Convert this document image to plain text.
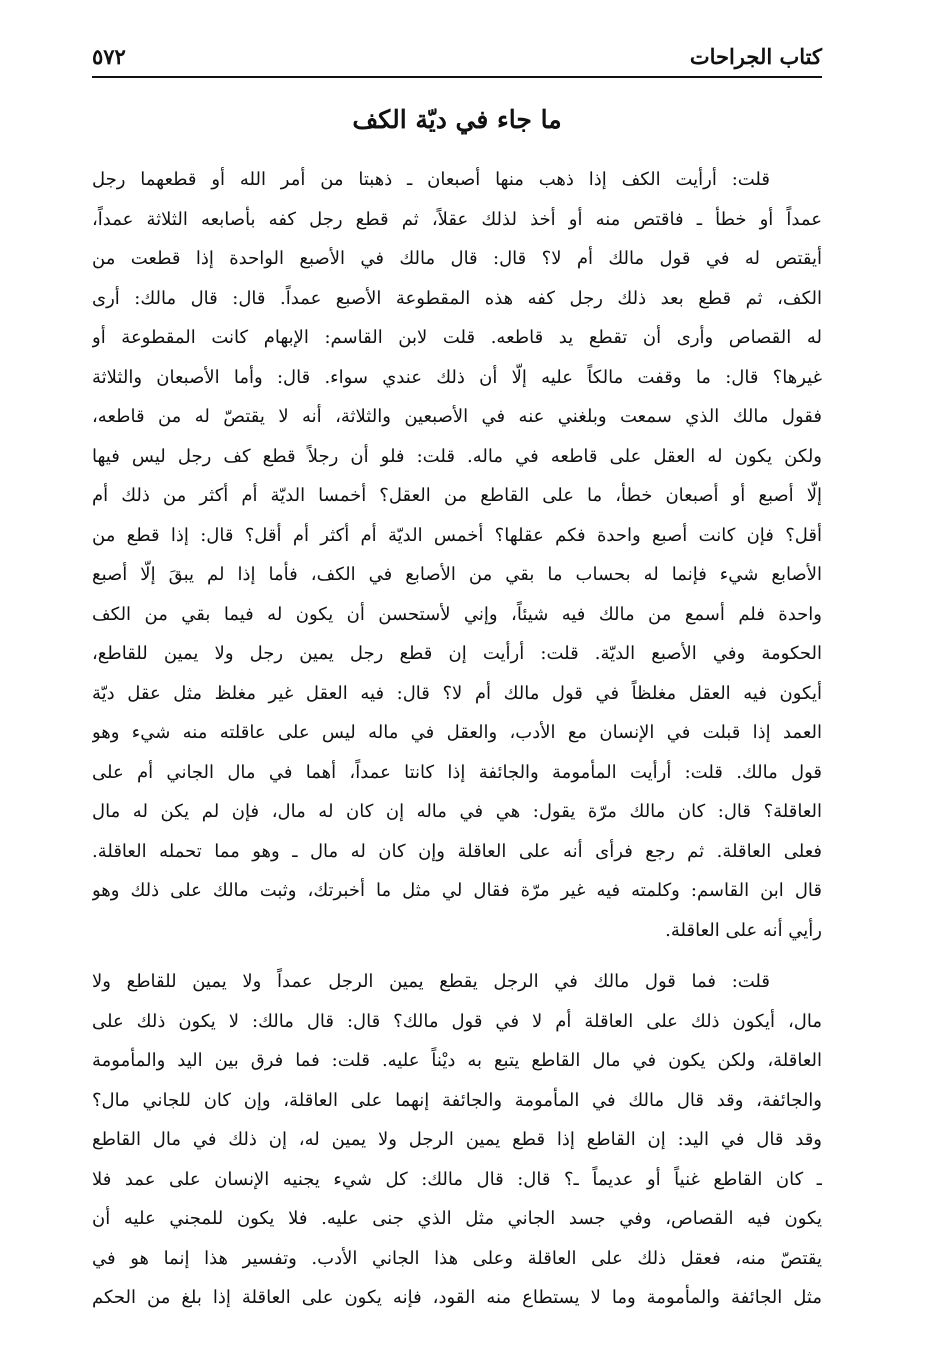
كتاب الجراحات
٥٧٢
ما جاء في ديّة الكف
قلت: أرأيت الكف إذا ذهب منها أصبعان ـ ذهبتا من أمر الله أو قطعهما رجل
عمداً أو خطأ ـ فاقتص منه أو أخذ لذلك عقلاً، ثم قطع رجل كفه بأصابعه الثلاثة عمداً،
أيقتص له في قول مالك أم لا؟ قال: قال مالك في الأصبع الواحدة إذا قطعت من
الكف، ثم قطع بعد ذلك رجل كفه هذه المقطوعة الأصبع عمداً. قال: قال مالك: أرى
له القصاص وأرى أن تقطع يد قاطعه. قلت لابن القاسم: الإبهام كانت المقطوعة أو
غيرها؟ قال: ما وقفت مالكاً عليه إلّا أن ذلك عندي سواء. قال: وأما الأصبعان والثلاثة
فقول مالك الذي سمعت وبلغني عنه في الأصبعين والثلاثة، أنه لا يقتصّ له من قاطعه،
ولكن يكون له العقل على قاطعه في ماله. قلت: فلو أن رجلاً قطع كف رجل ليس فيها
إلّا أصبع أو أصبعان خطأ، ما على القاطع من العقل؟ أخمسا الديّة أم أكثر من ذلك أم
أقل؟ فإن كانت أصبع واحدة فكم عقلها؟ أخمس الديّة أم أكثر أم أقل؟ قال: إذا قطع من
الأصابع شيء فإنما له بحساب ما بقي من الأصابع في الكف، فأما إذا لم يبقَ إلّا أصبع
واحدة فلم أسمع من مالك فيه شيئاً، وإني لأستحسن أن يكون له فيما بقي من الكف
الحكومة وفي الأصبع الديّة. قلت: أرأيت إن قطع رجل يمين رجل ولا يمين للقاطع،
أيكون فيه العقل مغلظاً في قول مالك أم لا؟ قال: فيه العقل غير مغلظ مثل عقل ديّة
العمد إذا قبلت في الإنسان مع الأدب، والعقل في ماله ليس على عاقلته منه شيء وهو
قول مالك. قلت: أرأيت المأمومة والجائفة إذا كانتا عمداً، أهما في مال الجاني أم على
العاقلة؟ قال: كان مالك مرّة يقول: هي في ماله إن كان له مال، فإن لم يكن له مال
فعلى العاقلة. ثم رجع فرأى أنه على العاقلة وإن كان له مال ـ وهو مما تحمله العاقلة.
قال ابن القاسم: وكلمته فيه غير مرّة فقال لي مثل ما أخبرتك، وثبت مالك على ذلك وهو
رأيي أنه على العاقلة.
قلت: فما قول مالك في الرجل يقطع يمين الرجل عمداً ولا يمين للقاطع ولا
مال، أيكون ذلك على العاقلة أم لا في قول مالك؟ قال: قال مالك: لا يكون ذلك على
العاقلة، ولكن يكون في مال القاطع يتبع به ديْناً عليه. قلت: فما فرق بين اليد والمأمومة
والجائفة، وقد قال مالك في المأمومة والجائفة إنهما على العاقلة، وإن كان للجاني مال؟
وقد قال في اليد: إن القاطع إذا قطع يمين الرجل ولا يمين له، إن ذلك في مال القاطع
ـ كان القاطع غنياً أو عديماً ـ؟ قال: قال مالك: كل شيء يجنيه الإنسان على عمد فلا
يكون فيه القصاص، وفي جسد الجاني مثل الذي جنى عليه. فلا يكون للمجني عليه أن
يقتصّ منه، فعقل ذلك على العاقلة وعلى هذا الجاني الأدب. وتفسير هذا إنما هو في
مثل الجائفة والمأمومة وما لا يستطاع منه القود، فإنه يكون على العاقلة إذا بلغ من الحكم
